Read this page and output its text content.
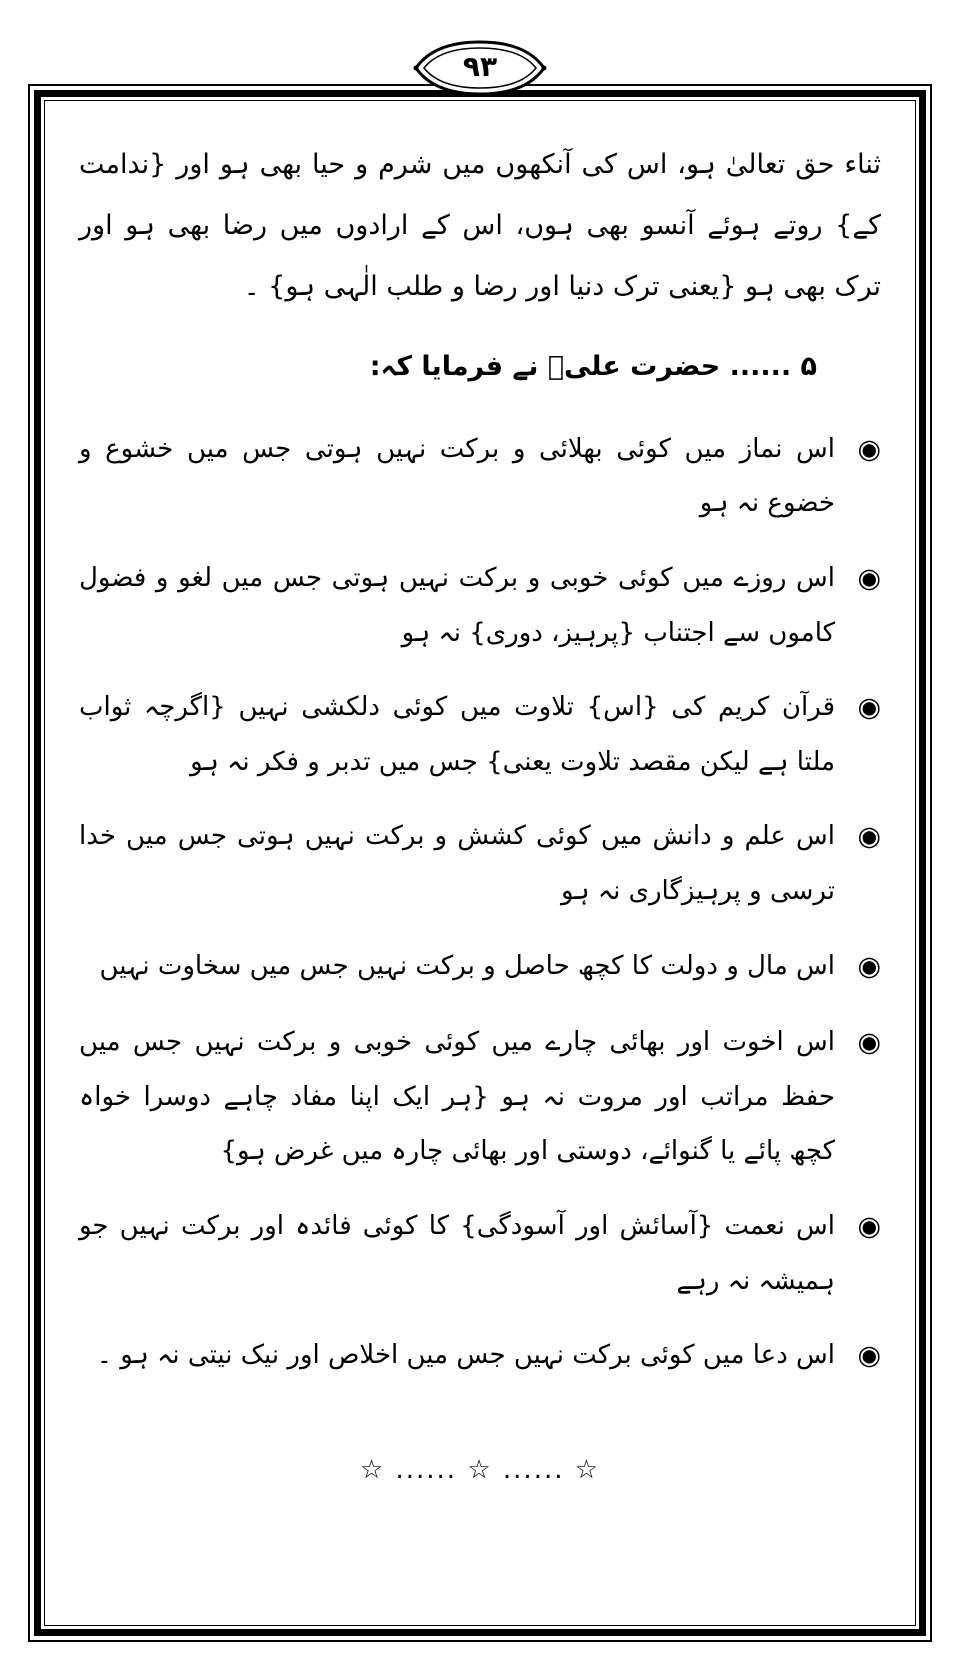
٩٣

ثناء حق تعالیٰ ہو، اس کی آنکھوں میں شرم و حیا بھی ہو اور {ندامت کے} روتے ہوئے آنسو بھی ہوں، اس کے ارادوں میں رضا بھی ہو اور ترک بھی ہو {یعنی ترک دنیا اور رضا و طلب الٰہی ہو} ۔

۵ ...... حضرت علیؓ نے فرمایا کہ:

◉
اس نماز میں کوئی بھلائی و برکت نہیں ہوتی جس میں خشوع و خضوع نہ ہو
◉
اس روزے میں کوئی خوبی و برکت نہیں ہوتی جس میں لغو و فضول کاموں سے اجتناب {پرہیز، دوری} نہ ہو
◉
قرآن کریم کی {اس} تلاوت میں کوئی دلکشی نہیں {اگرچہ ثواب ملتا ہے لیکن مقصد تلاوت یعنی} جس میں تدبر و فکر نہ ہو
◉
اس علم و دانش میں کوئی کشش و برکت نہیں ہوتی جس میں خدا ترسی و پرہیزگاری نہ ہو
◉
اس مال و دولت کا کچھ حاصل و برکت نہیں جس میں سخاوت نہیں
◉
اس اخوت اور بھائی چارے میں کوئی خوبی و برکت نہیں جس میں حفظ مراتب اور مروت نہ ہو {ہر ایک اپنا مفاد چاہے دوسرا خواہ کچھ پائے یا گنوائے، دوستی اور بھائی چارہ میں غرض ہو}
◉
اس نعمت {آسائش اور آسودگی} کا کوئی فائدہ اور برکت نہیں جو ہمیشہ نہ رہے
◉
اس دعا میں کوئی برکت نہیں جس میں اخلاص اور نیک نیتی نہ ہو ۔
☆ ...... ☆ ...... ☆
